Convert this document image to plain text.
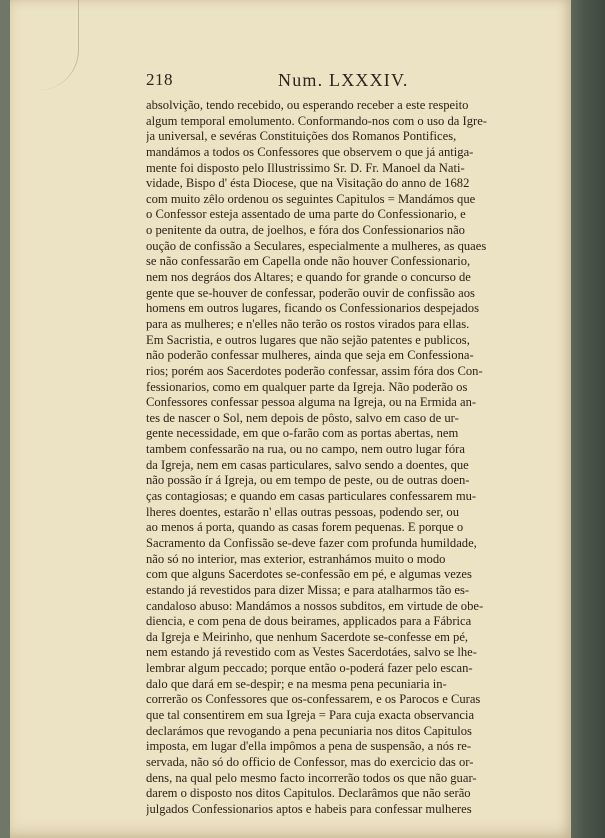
218	Num. LXXXIV.
absolvição, tendo recebido, ou esperando receber a este respeito
algum temporal emolumento. Conformando-nos com o uso da Igre-
ja universal, e sevéras Constituições dos Romanos Pontifices,
mandámos a todos os Confessores que observem o que já antiga-
mente foi disposto pelo Illustrissimo Sr. D. Fr. Manoel da Nati-
vidade, Bispo d' ésta Diocese, que na Visitação do anno de 1682
com muito zêlo ordenou os seguintes Capitulos = Mandámos que
o Confessor esteja assentado de uma parte do Confessionario, e
o penitente da outra, de joelhos, e fóra dos Confessionarios não
oução de confissão a Seculares, especialmente a mulheres, as quaes
se não confessarão em Capella onde não houver Confessionario,
nem nos degráos dos Altares; e quando for grande o concurso de
gente que se-houver de confessar, poderão ouvir de confissão aos
homens em outros lugares, ficando os Confessionarios despejados
para as mulheres; e n'elles não terão os rostos virados para ellas.
Em Sacristia, e outros lugares que não sejão patentes e publicos,
não poderão confessar mulheres, ainda que seja em Confessiona-
rios; porém aos Sacerdotes poderão confessar, assim fóra dos Con-
fessionarios, como em qualquer parte da Igreja. Não poderão os
Confessores confessar pessoa alguma na Igreja, ou na Ermida an-
tes de nascer o Sol, nem depois de pôsto, salvo em caso de ur-
gente necessidade, em que o-farão com as portas abertas, nem
tambem confessarão na rua, ou no campo, nem outro lugar fóra
da Igreja, nem em casas particulares, salvo sendo a doentes, que
não possão ír á Igreja, ou em tempo de peste, ou de outras doen-
ças contagiosas; e quando em casas particulares confessarem mu-
lheres doentes, estarão n' ellas outras pessoas, podendo ser, ou
ao menos á porta, quando as casas forem pequenas. E porque o
Sacramento da Confissão se-deve fazer com profunda humildade,
não só no interior, mas exterior, estranhámos muito o modo
com que alguns Sacerdotes se-confessão em pé, e algumas vezes
estando já revestidos para dizer Missa; e para atalharmos tão es-
candaloso abuso: Mandámos a nossos subditos, em virtude de obe-
diencia, e com pena de dous beirames, applicados para a Fábrica
da Igreja e Meirinho, que nenhum Sacerdote se-confesse em pé,
nem estando já revestido com as Vestes Sacerdotáes, salvo se lhe-
lembrar algum peccado; porque então o-poderá fazer pelo escan-
dalo que dará em se-despir; e na mesma pena pecuniaria in-
correrão os Confessores que os-confessarem, e os Parocos e Curas
que tal consentirem em sua Igreja = Para cuja exacta observancia
declarámos que revogando a pena pecuniaria nos ditos Capitulos
imposta, em lugar d'ella impômos a pena de suspensão, a nós re-
servada, não só do officio de Confessor, mas do exercicio das or-
dens, na qual pelo mesmo facto incorrerão todos os que não guar-
darem o disposto nos ditos Capitulos. Declarâmos que não serão
julgados Confessionarios aptos e habeis para confessar mulheres
